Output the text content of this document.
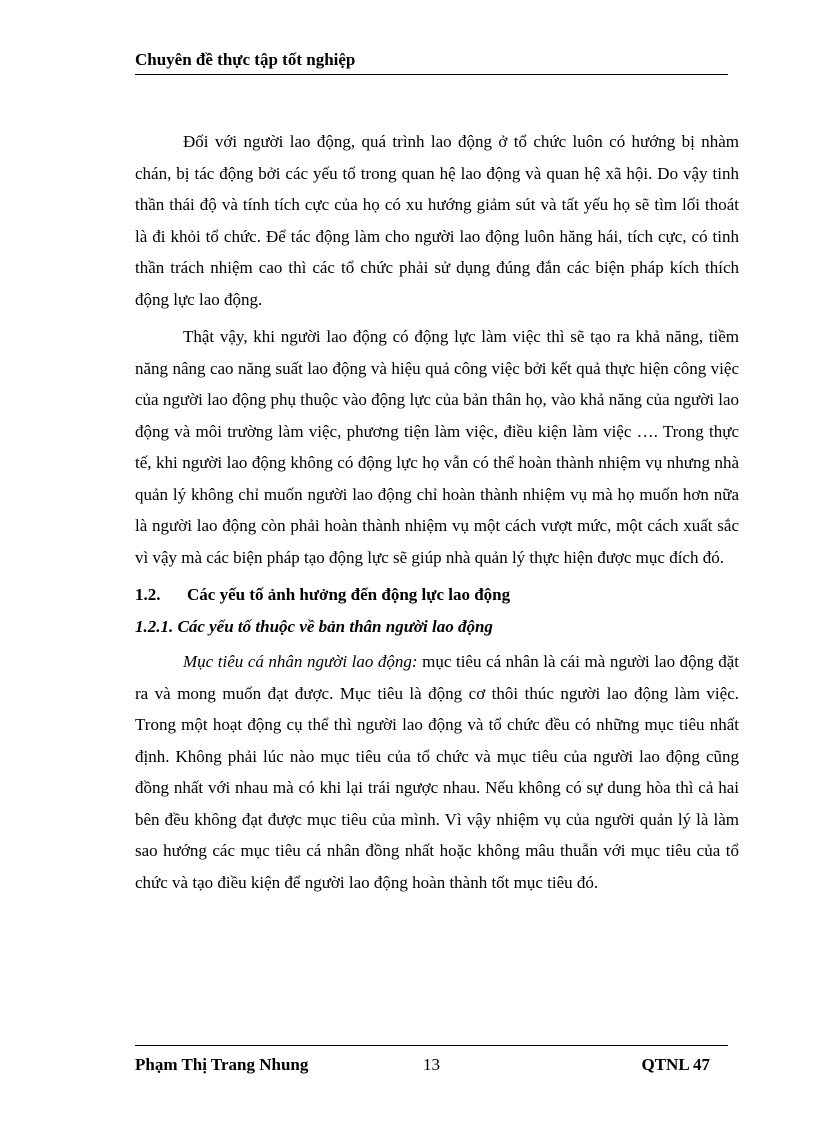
Chuyên đề thực tập tốt nghiệp

Đối với người lao động, quá trình lao động ở tổ chức luôn có hướng bị nhàm chán, bị tác động bởi các yếu tố trong quan hệ lao động và quan hệ xã hội. Do vậy tinh thần thái độ và tính tích cực của họ có xu hướng giảm sút và tất yếu họ sẽ tìm lối thoát là đi khỏi tổ chức. Để tác động làm cho người lao động luôn hăng hái, tích cực, có tinh thần trách nhiệm cao thì các tổ chức phải sử dụng đúng đắn các biện pháp kích thích động lực lao động.

Thật vậy, khi người lao động có động lực làm việc thì sẽ tạo ra khả năng, tiềm năng nâng cao năng suất lao động và hiệu quả công việc bởi kết quả thực hiện công việc của người lao động phụ thuộc vào động lực của bản thân họ, vào khả năng của người lao động và môi trường làm việc, phương tiện làm việc, điều kiện làm việc …. Trong thực tế, khi người lao động không có động lực họ vẫn có thể hoàn thành nhiệm vụ nhưng nhà quản lý không chỉ muốn người lao động chỉ hoàn thành nhiệm vụ mà họ muốn hơn nữa là người lao động còn phải hoàn thành nhiệm vụ một cách vượt mức, một cách xuất sắc vì vậy mà các biện pháp tạo động lực sẽ giúp nhà quản lý thực hiện được mục đích đó.

1.2. Các yếu tố ảnh hưởng đến động lực lao động
1.2.1. Các yếu tố thuộc về bản thân người lao động

Mục tiêu cá nhân người lao động: mục tiêu cá nhân là cái mà người lao động đặt ra và mong muốn đạt được. Mục tiêu là động cơ thôi thúc người lao động làm việc. Trong một hoạt động cụ thể thì người lao động và tổ chức đều có những mục tiêu nhất định. Không phải lúc nào mục tiêu của tổ chức và mục tiêu của người lao động cũng đồng nhất với nhau mà có khi lại trái ngược nhau. Nếu không có sự dung hòa thì cả hai bên đều không đạt được mục tiêu của mình. Vì vậy nhiệm vụ của người quản lý là làm sao hướng các mục tiêu cá nhân đồng nhất hoặc không mâu thuẫn với mục tiêu của tổ chức và tạo điều kiện để người lao động hoàn thành tốt mục tiêu đó.

Phạm Thị Trang Nhung	13	QTNL 47
